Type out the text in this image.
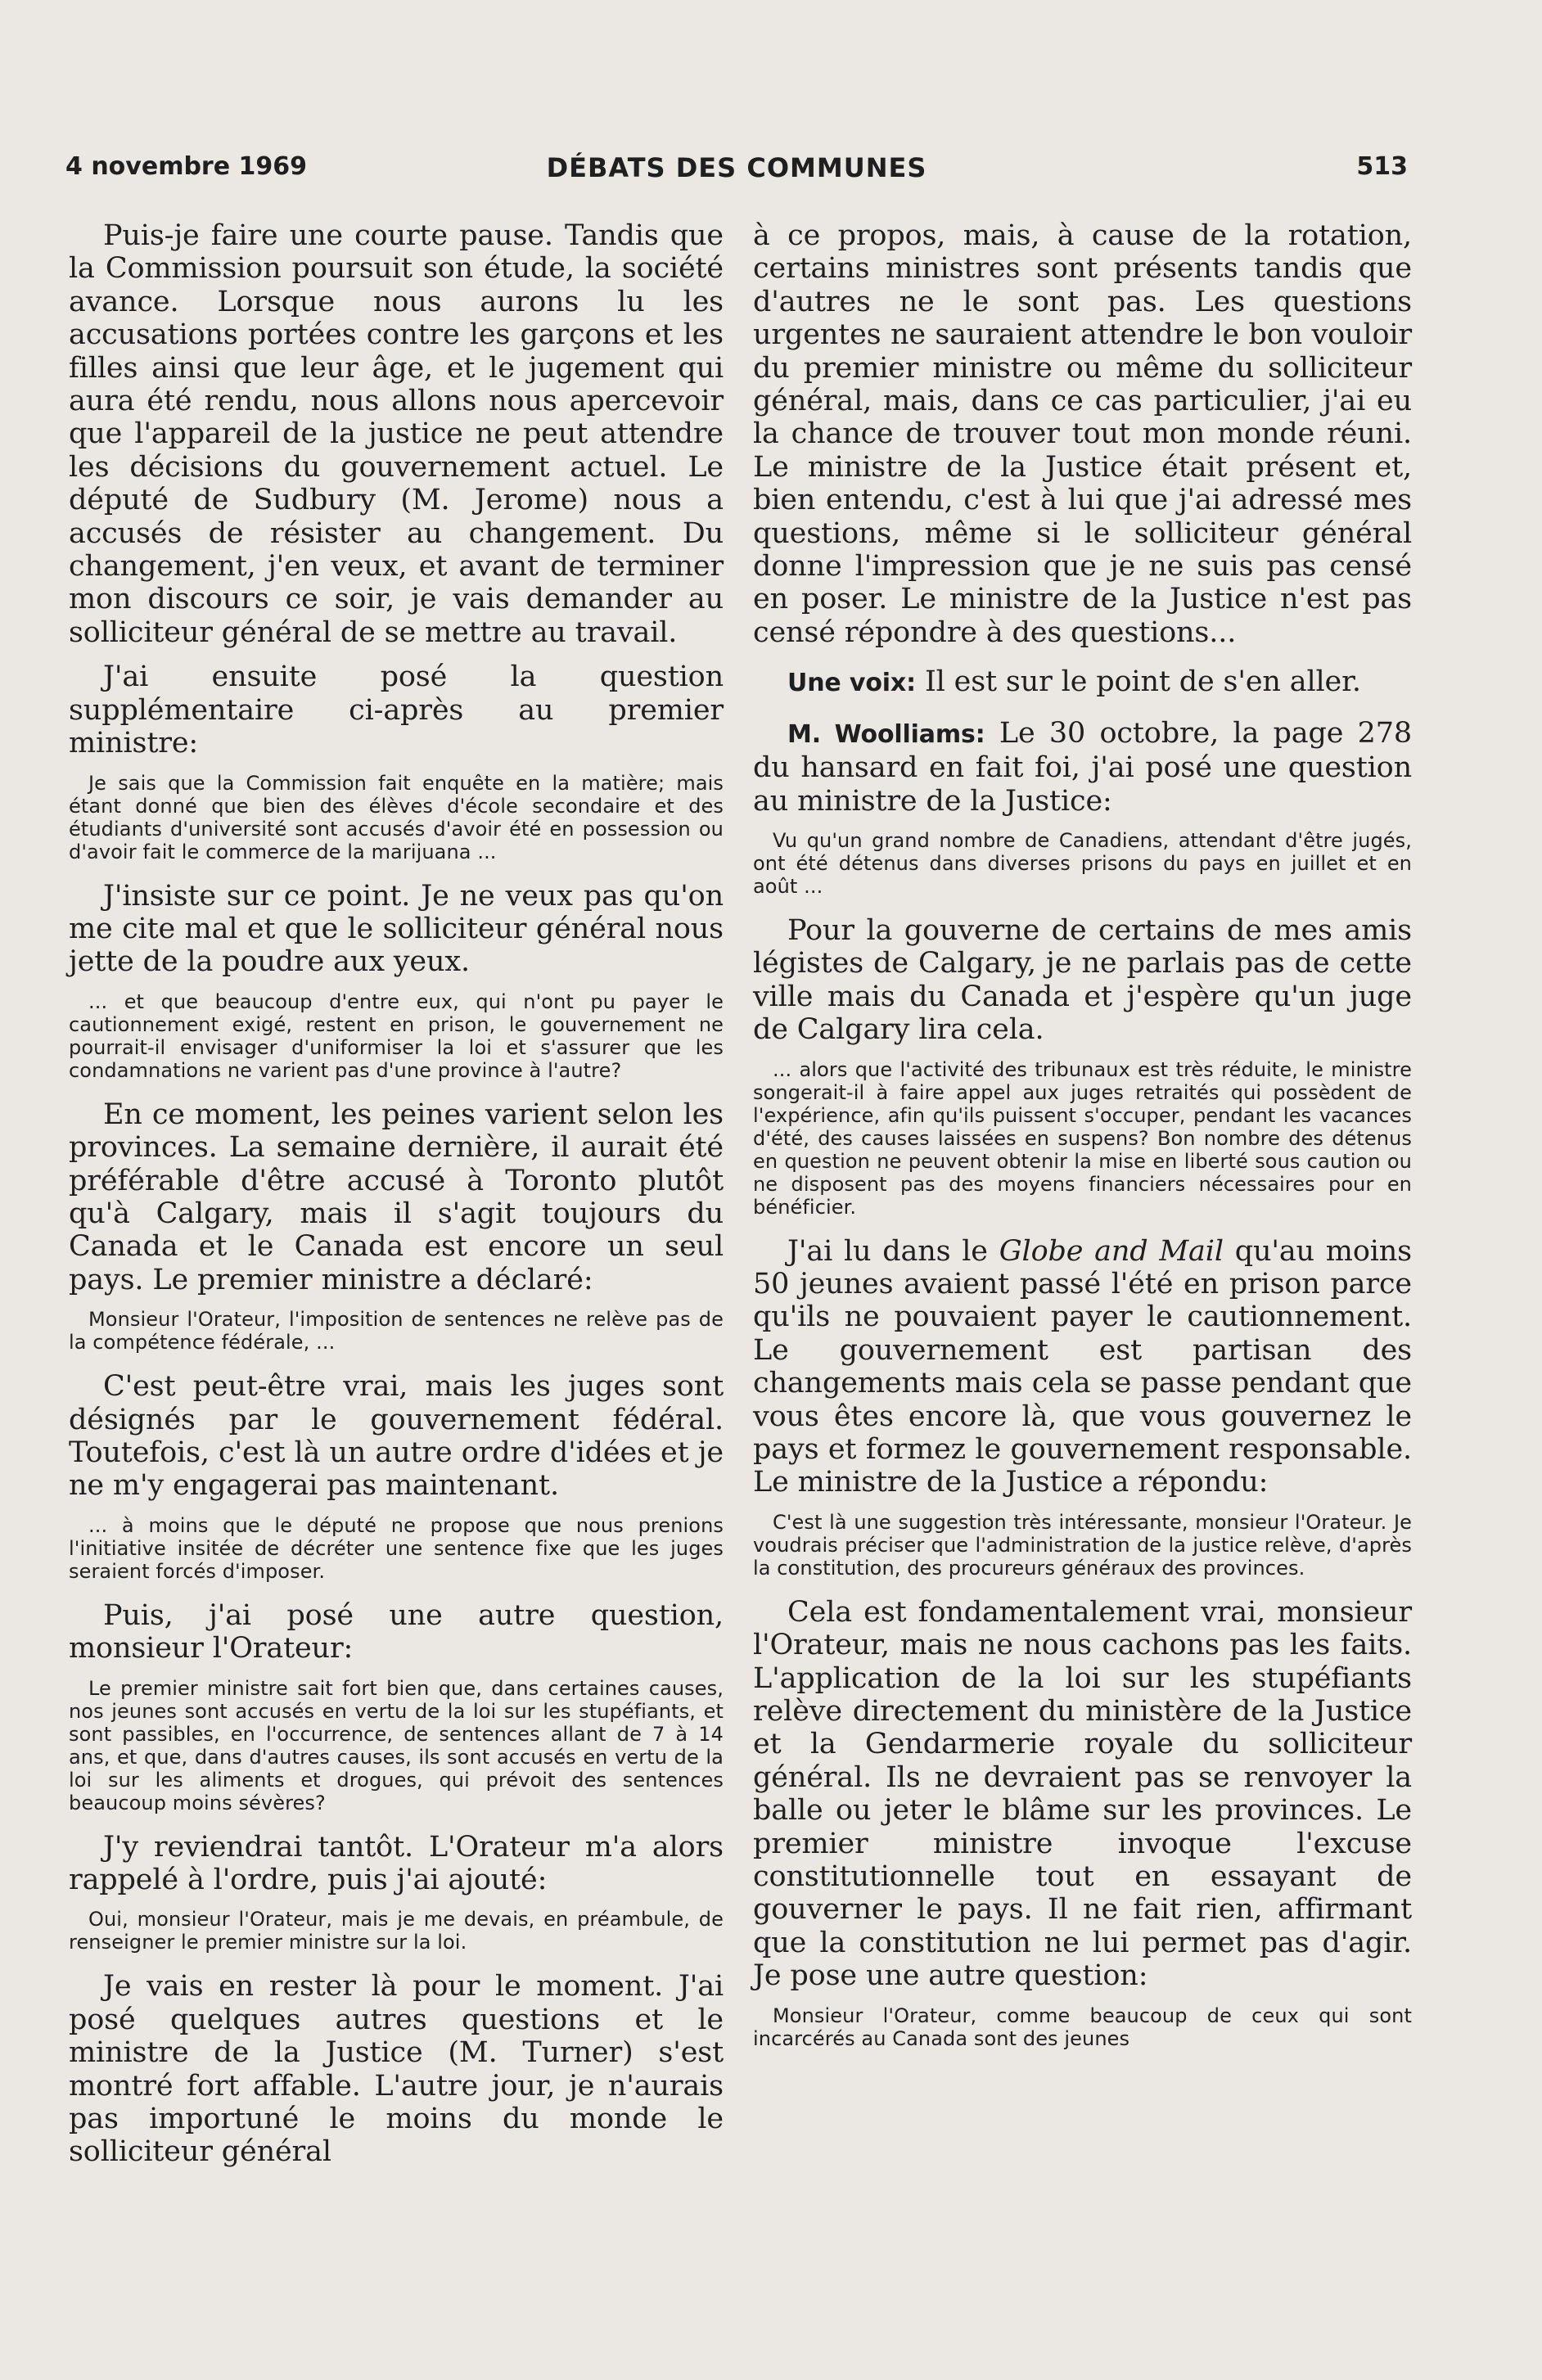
4 novembre 1969	DÉBATS DES COMMUNES	513

Puis-je faire une courte pause. Tandis que la Commission poursuit son étude, la société avance. Lorsque nous aurons lu les accusations portées contre les garçons et les filles ainsi que leur âge, et le jugement qui aura été rendu, nous allons nous apercevoir que l'appareil de la justice ne peut attendre les décisions du gouvernement actuel. Le député de Sudbury (M. Jerome) nous a accusés de résister au changement. Du changement, j'en veux, et avant de terminer mon discours ce soir, je vais demander au solliciteur général de se mettre au travail.

J'ai ensuite posé la question supplémentaire ci-après au premier ministre:

Je sais que la Commission fait enquête en la matière; mais étant donné que bien des élèves d'école secondaire et des étudiants d'université sont accusés d'avoir été en possession ou d'avoir fait le commerce de la marijuana ...

J'insiste sur ce point. Je ne veux pas qu'on me cite mal et que le solliciteur général nous jette de la poudre aux yeux.

... et que beaucoup d'entre eux, qui n'ont pu payer le cautionnement exigé, restent en prison, le gouvernement ne pourrait-il envisager d'uniformiser la loi et s'assurer que les condamnations ne varient pas d'une province à l'autre?

En ce moment, les peines varient selon les provinces. La semaine dernière, il aurait été préférable d'être accusé à Toronto plutôt qu'à Calgary, mais il s'agit toujours du Canada et le Canada est encore un seul pays. Le premier ministre a déclaré:

Monsieur l'Orateur, l'imposition de sentences ne relève pas de la compétence fédérale, ...

C'est peut-être vrai, mais les juges sont désignés par le gouvernement fédéral. Toutefois, c'est là un autre ordre d'idées et je ne m'y engagerai pas maintenant.

... à moins que le député ne propose que nous prenions l'initiative insitée de décréter une sentence fixe que les juges seraient forcés d'imposer.

Puis, j'ai posé une autre question, monsieur l'Orateur:

Le premier ministre sait fort bien que, dans certaines causes, nos jeunes sont accusés en vertu de la loi sur les stupéfiants, et sont passibles, en l'occurrence, de sentences allant de 7 à 14 ans, et que, dans d'autres causes, ils sont accusés en vertu de la loi sur les aliments et drogues, qui prévoit des sentences beaucoup moins sévères?

J'y reviendrai tantôt. L'Orateur m'a alors rappelé à l'ordre, puis j'ai ajouté:

Oui, monsieur l'Orateur, mais je me devais, en préambule, de renseigner le premier ministre sur la loi.

Je vais en rester là pour le moment. J'ai posé quelques autres questions et le ministre de la Justice (M. Turner) s'est montré fort affable. L'autre jour, je n'aurais pas importuné le moins du monde le solliciteur général

à ce propos, mais, à cause de la rotation, certains ministres sont présents tandis que d'autres ne le sont pas. Les questions urgentes ne sauraient attendre le bon vouloir du premier ministre ou même du solliciteur général, mais, dans ce cas particulier, j'ai eu la chance de trouver tout mon monde réuni. Le ministre de la Justice était présent et, bien entendu, c'est à lui que j'ai adressé mes questions, même si le solliciteur général donne l'impression que je ne suis pas censé en poser. Le ministre de la Justice n'est pas censé répondre à des questions...

Une voix: Il est sur le point de s'en aller.

M. Woolliams: Le 30 octobre, la page 278 du hansard en fait foi, j'ai posé une question au ministre de la Justice:

Vu qu'un grand nombre de Canadiens, attendant d'être jugés, ont été détenus dans diverses prisons du pays en juillet et en août ...

Pour la gouverne de certains de mes amis légistes de Calgary, je ne parlais pas de cette ville mais du Canada et j'espère qu'un juge de Calgary lira cela.

... alors que l'activité des tribunaux est très réduite, le ministre songerait-il à faire appel aux juges retraités qui possèdent de l'expérience, afin qu'ils puissent s'occuper, pendant les vacances d'été, des causes laissées en suspens? Bon nombre des détenus en question ne peuvent obtenir la mise en liberté sous caution ou ne disposent pas des moyens financiers nécessaires pour en bénéficier.

J'ai lu dans le Globe and Mail qu'au moins 50 jeunes avaient passé l'été en prison parce qu'ils ne pouvaient payer le cautionnement. Le gouvernement est partisan des changements mais cela se passe pendant que vous êtes encore là, que vous gouvernez le pays et formez le gouvernement responsable. Le ministre de la Justice a répondu:

C'est là une suggestion très intéressante, monsieur l'Orateur. Je voudrais préciser que l'administration de la justice relève, d'après la constitution, des procureurs généraux des provinces.

Cela est fondamentalement vrai, monsieur l'Orateur, mais ne nous cachons pas les faits. L'application de la loi sur les stupéfiants relève directement du ministère de la Justice et la Gendarmerie royale du solliciteur général. Ils ne devraient pas se renvoyer la balle ou jeter le blâme sur les provinces. Le premier ministre invoque l'excuse constitutionnelle tout en essayant de gouverner le pays. Il ne fait rien, affirmant que la constitution ne lui permet pas d'agir. Je pose une autre question:

Monsieur l'Orateur, comme beaucoup de ceux qui sont incarcérés au Canada sont des jeunes
